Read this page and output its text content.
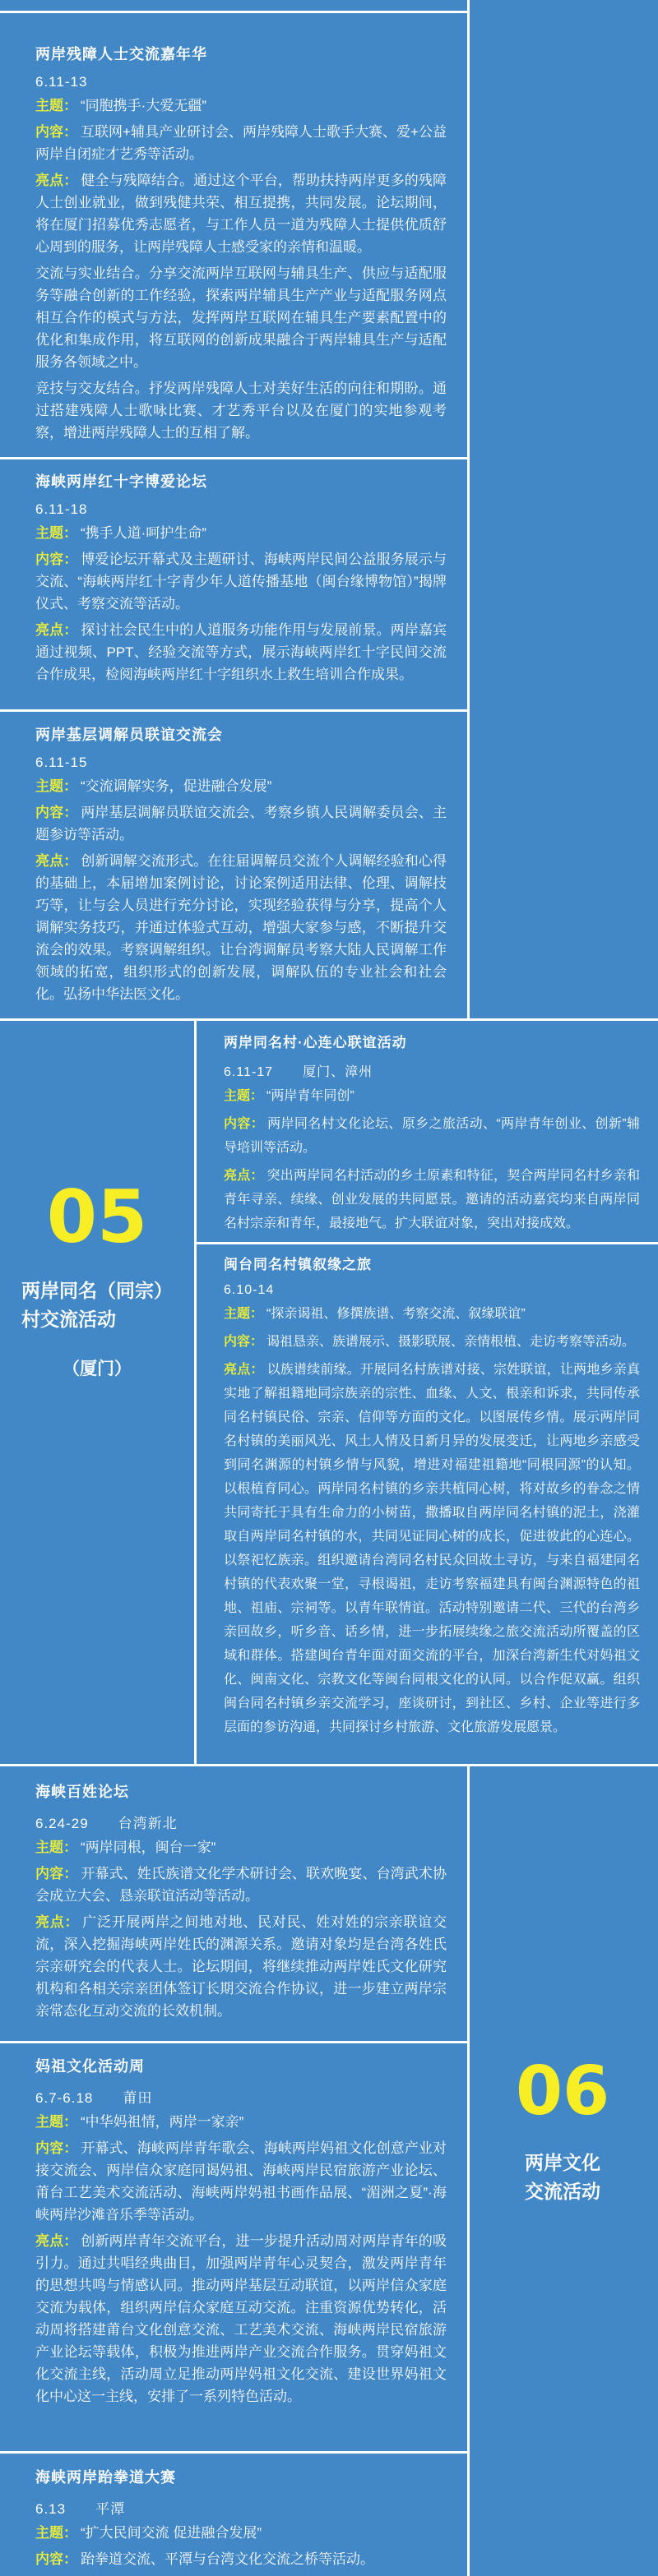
两岸残障人士交流嘉年华

6.11-13

主题： “同胞携手·大爱无疆”

内容： 互联网+辅具产业研讨会、两岸残障人士歌手大赛、爱+公益两岸自闭症才艺秀等活动。

亮点： 健全与残障结合。通过这个平台，帮助扶持两岸更多的残障人士创业就业，做到残健共荣、相互提携，共同发展。论坛期间，将在厦门招募优秀志愿者，与工作人员一道为残障人士提供优质舒心周到的服务，让两岸残障人士感受家的亲情和温暖。

交流与实业结合。分享交流两岸互联网与辅具生产、供应与适配服务等融合创新的工作经验，探索两岸辅具生产产业与适配服务网点相互合作的模式与方法，发挥两岸互联网在辅具生产要素配置中的优化和集成作用，将互联网的创新成果融合于两岸辅具生产与适配服务各领域之中。

竞技与交友结合。抒发两岸残障人士对美好生活的向往和期盼。通过搭建残障人士歌咏比赛、才艺秀平台以及在厦门的实地参观考察，增进两岸残障人士的互相了解。

海峡两岸红十字博爱论坛

6.11-18

主题： “携手人道·呵护生命”

内容： 博爱论坛开幕式及主题研讨、海峡两岸民间公益服务展示与交流、“海峡两岸红十字青少年人道传播基地（闽台缘博物馆）”揭牌仪式、考察交流等活动。

亮点： 探讨社会民生中的人道服务功能作用与发展前景。两岸嘉宾通过视频、PPT、经验交流等方式，展示海峡两岸红十字民间交流合作成果，检阅海峡两岸红十字组织水上救生培训合作成果。

两岸基层调解员联谊交流会

6.11-15

主题： “交流调解实务，促进融合发展”

内容： 两岸基层调解员联谊交流会、考察乡镇人民调解委员会、主题参访等活动。

亮点： 创新调解交流形式。在往届调解员交流个人调解经验和心得的基础上，本届增加案例讨论，讨论案例适用法律、伦理、调解技巧等，让与会人员进行充分讨论，实现经验获得与分享，提高个人调解实务技巧，并通过体验式互动，增强大家参与感，不断提升交流会的效果。考察调解组织。让台湾调解员考察大陆人民调解工作领域的拓宽，组织形式的创新发展，调解队伍的专业社会和社会化。弘扬中华法医文化。

05
两岸同名（同宗）
村交流活动
（厦门）
两岸同名村·心连心联谊活动

6.11-17 厦门、漳州

主题： “两岸青年同创”

内容： 两岸同名村文化论坛、原乡之旅活动、“两岸青年创业、创新”辅导培训等活动。

亮点： 突出两岸同名村活动的乡土原素和特征，契合两岸同名村乡亲和青年寻亲、续缘、创业发展的共同愿景。邀请的活动嘉宾均来自两岸同名村宗亲和青年，最接地气。扩大联谊对象，突出对接成效。

闽台同名村镇叙缘之旅

6.10-14

主题： “探亲谒祖、修撰族谱、考察交流、叙缘联谊”

内容： 谒祖恳亲、族谱展示、摄影联展、亲情根植、走访考察等活动。

亮点： 以族谱续前缘。开展同名村族谱对接、宗姓联谊，让两地乡亲真实地了解祖籍地同宗族亲的宗性、血缘、人文、根亲和诉求，共同传承同名村镇民俗、宗亲、信仰等方面的文化。以图展传乡情。展示两岸同名村镇的美丽风光、风土人情及日新月异的发展变迁，让两地乡亲感受到同名渊源的村镇乡情与风貌，增进对福建祖籍地“同根同源”的认知。以根植育同心。两岸同名村镇的乡亲共植同心树，将对故乡的眷念之情共同寄托于具有生命力的小树苗，撒播取自两岸同名村镇的泥土，浇灌取自两岸同名村镇的水，共同见证同心树的成长，促进彼此的心连心。以祭祀忆族亲。组织邀请台湾同名村民众回故土寻访，与来自福建同名村镇的代表欢聚一堂，寻根谒祖，走访考察福建具有闽台渊源特色的祖地、祖庙、宗祠等。以青年联情谊。活动特别邀请二代、三代的台湾乡亲回故乡，听乡音、话乡情，进一步拓展续缘之旅交流活动所覆盖的区域和群体。搭建闽台青年面对面交流的平台，加深台湾新生代对妈祖文化、闽南文化、宗教文化等闽台同根文化的认同。以合作促双赢。组织闽台同名村镇乡亲交流学习，座谈研讨，到社区、乡村、企业等进行多层面的参访沟通，共同探讨乡村旅游、文化旅游发展愿景。

06
两岸文化
交流活动
海峡百姓论坛

6.24-29 台湾新北

主题： “两岸同根，闽台一家”

内容： 开幕式、姓氏族谱文化学术研讨会、联欢晚宴、台湾武术协会成立大会、恳亲联谊活动等活动。

亮点： 广泛开展两岸之间地对地、民对民、姓对姓的宗亲联谊交流，深入挖掘海峡两岸姓氏的渊源关系。邀请对象均是台湾各姓氏宗亲研究会的代表人士。论坛期间，将继续推动两岸姓氏文化研究机构和各相关宗亲团体签订长期交流合作协议，进一步建立两岸宗亲常态化互动交流的长效机制。

妈祖文化活动周

6.7-6.18 莆田

主题： “中华妈祖情，两岸一家亲”

内容： 开幕式、海峡两岸青年歌会、海峡两岸妈祖文化创意产业对接交流会、两岸信众家庭同谒妈祖、海峡两岸民宿旅游产业论坛、莆台工艺美术交流活动、海峡两岸妈祖书画作品展、“湄洲之夏”·海峡两岸沙滩音乐季等活动。

亮点： 创新两岸青年交流平台，进一步提升活动周对两岸青年的吸引力。通过共唱经典曲目，加强两岸青年心灵契合，激发两岸青年的思想共鸣与情感认同。推动两岸基层互动联谊，以两岸信众家庭交流为载体，组织两岸信众家庭互动交流。注重资源优势转化，活动周将搭建莆台文化创意交流、工艺美术交流、海峡两岸民宿旅游产业论坛等载体，积极为推进两岸产业交流合作服务。贯穿妈祖文化交流主线，活动周立足推动两岸妈祖文化交流、建设世界妈祖文化中心这一主线，安排了一系列特色活动。

海峡两岸跆拳道大赛

6.13 平潭

主题： “扩大民间交流 促进融合发展”

内容： 跆拳道交流、平潭与台湾文化交流之桥等活动。
